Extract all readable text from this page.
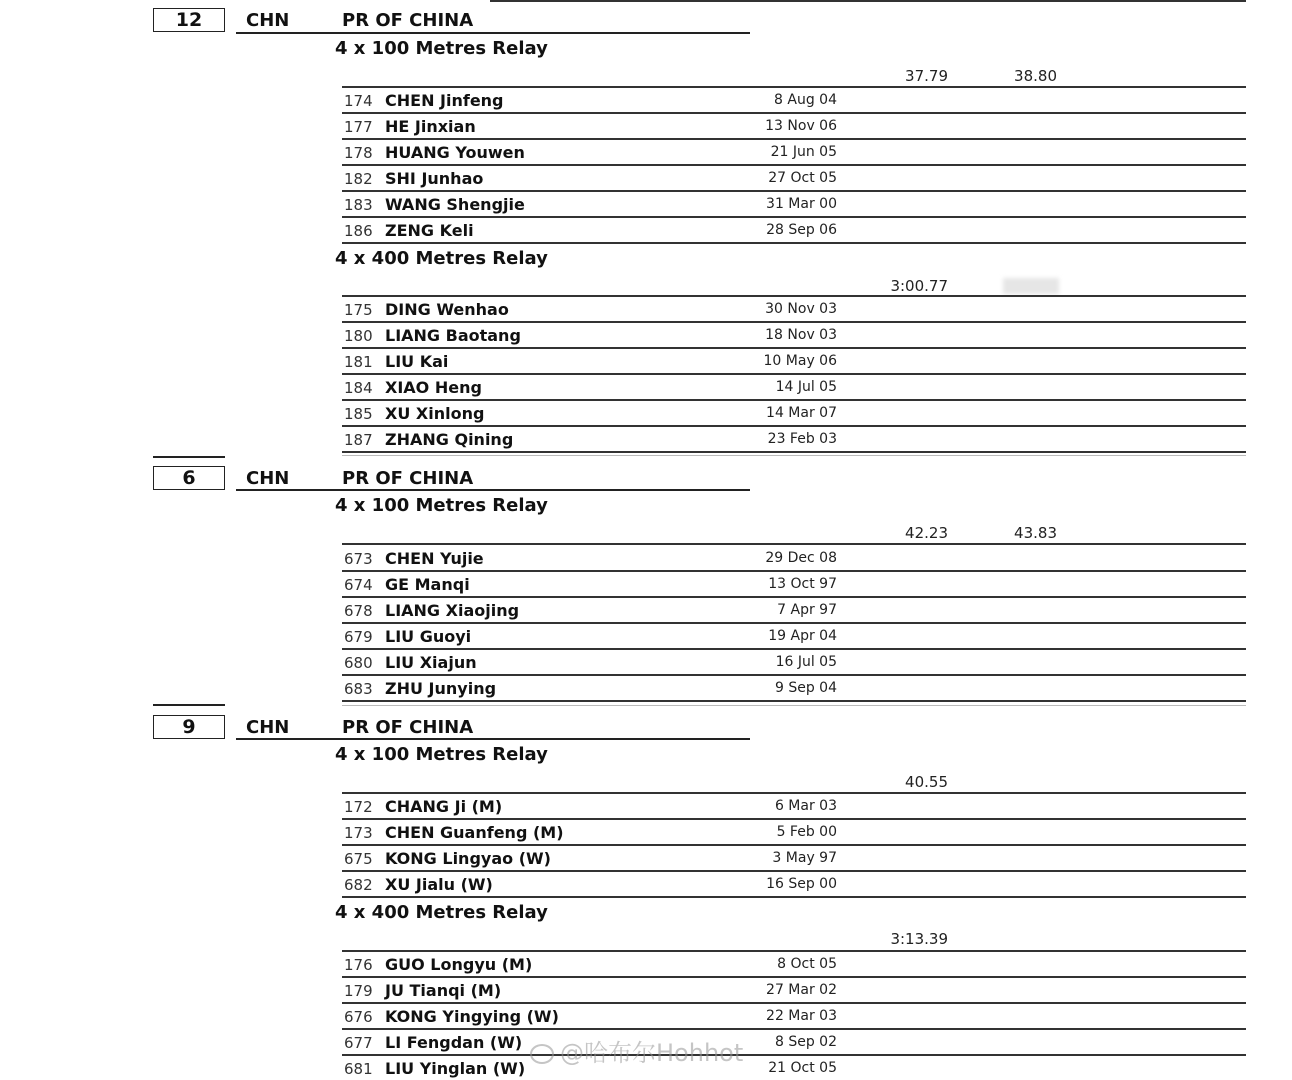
12	CHN	PR OF CHINA
4 x 100 Metres Relay
37.79	38.80
174 CHEN Jinfeng	8 Aug 04
177 HE Jinxian	13 Nov 06
178 HUANG Youwen	21 Jun 05
182 SHI Junhao	27 Oct 05
183 WANG Shengjie	31 Mar 00
186 ZENG Keli	28 Sep 06
4 x 400 Metres Relay
3:00.77
175 DING Wenhao	30 Nov 03
180 LIANG Baotang	18 Nov 03
181 LIU Kai	10 May 06
184 XIAO Heng	14 Jul 05
185 XU Xinlong	14 Mar 07
187 ZHANG Qining	23 Feb 03
6	CHN	PR OF CHINA
4 x 100 Metres Relay
42.23	43.83
673 CHEN Yujie	29 Dec 08
674 GE Manqi	13 Oct 97
678 LIANG Xiaojing	7 Apr 97
679 LIU Guoyi	19 Apr 04
680 LIU Xiajun	16 Jul 05
683 ZHU Junying	9 Sep 04
9	CHN	PR OF CHINA
4 x 100 Metres Relay
40.55
172 CHANG Ji (M)	6 Mar 03
173 CHEN Guanfeng (M)	5 Feb 00
675 KONG Lingyao (W)	3 May 97
682 XU Jialu (W)	16 Sep 00
4 x 400 Metres Relay
3:13.39
176 GUO Longyu (M)	8 Oct 05
179 JU Tianqi (M)	27 Mar 02
676 KONG Yingying (W)	22 Mar 03
677 LI Fengdan (W)	8 Sep 02
681 LIU Yinglan (W)	21 Oct 05
@哈布尔Hohhot
